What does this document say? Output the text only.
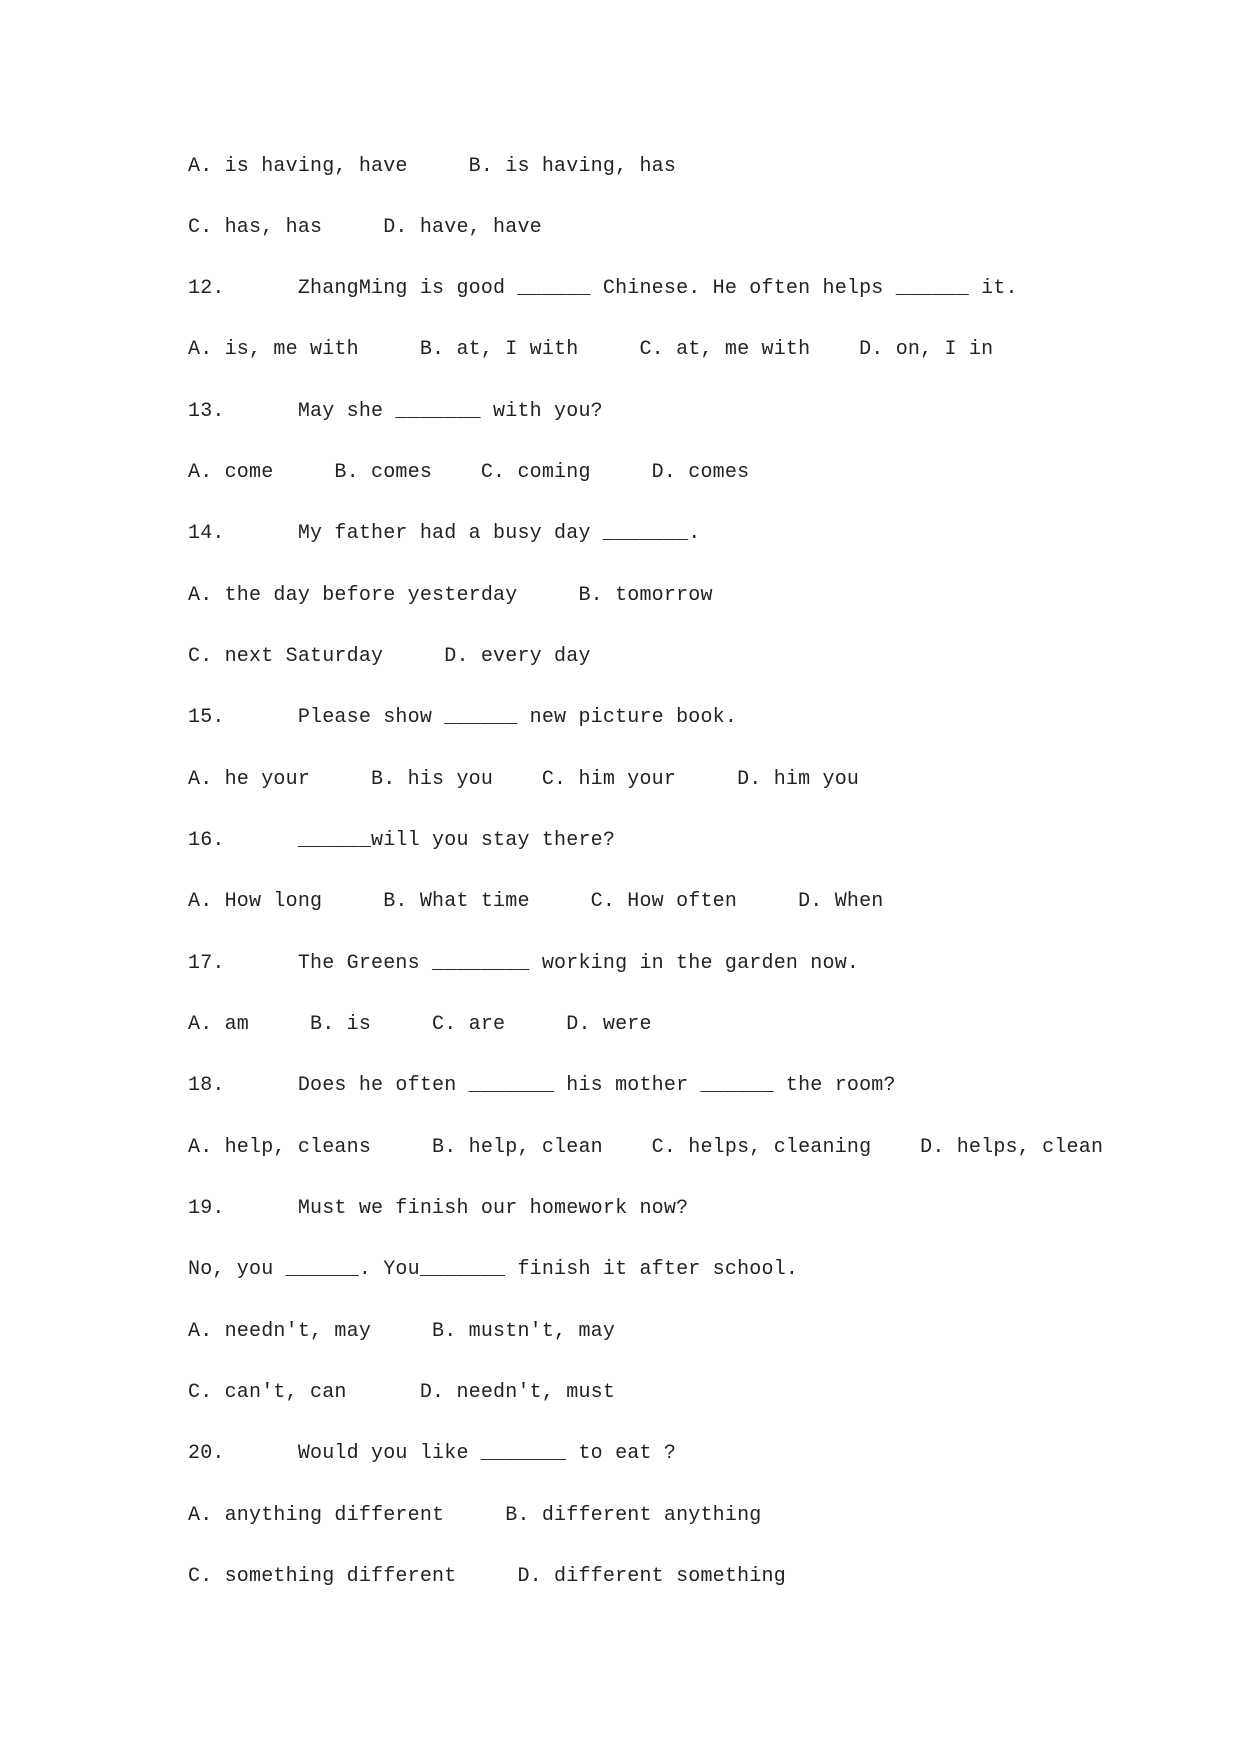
A. is having, have     B. is having, has
C. has, has     D. have, have
12.      ZhangMing is good ______ Chinese. He often helps ______ it.
A. is, me with     B. at, I with     C. at, me with    D. on, I in
13.      May she _______ with you?
A. come     B. comes    C. coming     D. comes
14.      My father had a busy day _______.
A. the day before yesterday     B. tomorrow
C. next Saturday     D. every day
15.      Please show ______ new picture book.
A. he your     B. his you    C. him your     D. him you
16.      ______will you stay there?
A. How long     B. What time     C. How often     D. When
17.      The Greens ________ working in the garden now.
A. am     B. is     C. are     D. were
18.      Does he often _______ his mother ______ the room?
A. help, cleans     B. help, clean    C. helps, cleaning    D. helps, clean
19.      Must we finish our homework now?
No, you ______. You_______ finish it after school.
A. needn't, may     B. mustn't, may
C. can't, can      D. needn't, must
20.      Would you like _______ to eat ?
A. anything different     B. different anything
C. something different     D. different something
